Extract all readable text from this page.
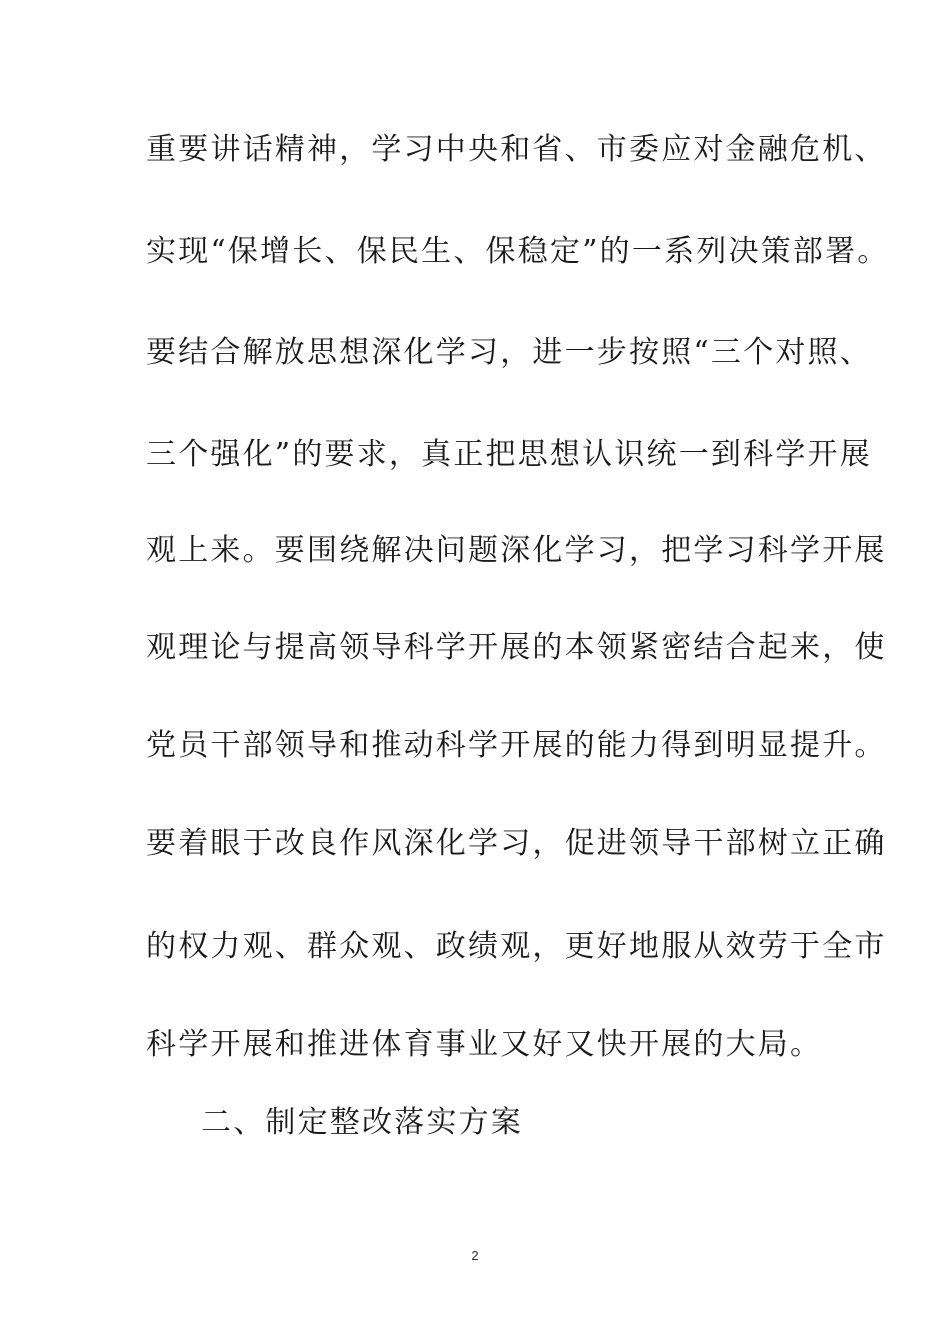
重要讲话精神，学习中央和省、市委应对金融危机、
实现“保增长、保民生、保稳定”的一系列决策部署。
要结合解放思想深化学习，进一步按照“三个对照、
三个强化”的要求，真正把思想认识统一到科学开展
观上来。要围绕解决问题深化学习，把学习科学开展
观理论与提高领导科学开展的本领紧密结合起来，使
党员干部领导和推动科学开展的能力得到明显提升。
要着眼于改良作风深化学习，促进领导干部树立正确
的权力观、群众观、政绩观，更好地服从效劳于全市
科学开展和推进体育事业又好又快开展的大局。
二、制定整改落实方案
2
